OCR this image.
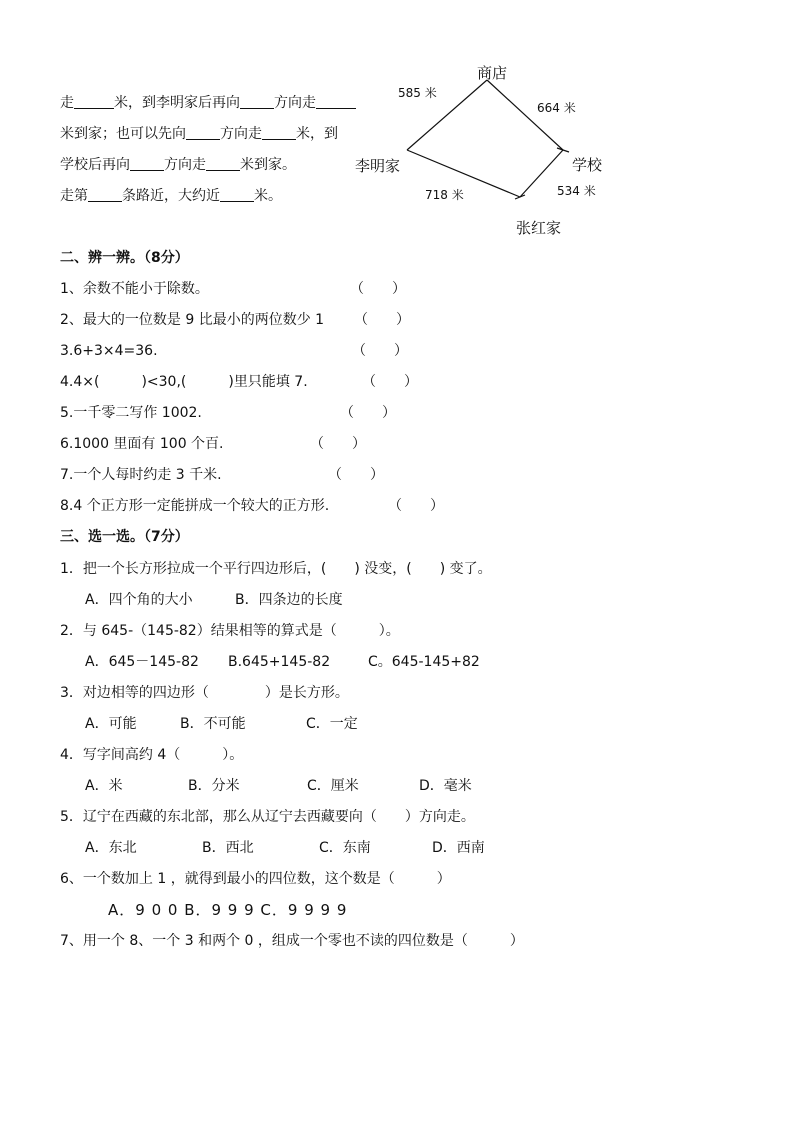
走	米，到李明家后再向 方向走
米到家；也可以先向 方向走 米，到
学校后再向 方向走 米到家。
走第 条路近，大约近 米。
商店
学校
李明家
张红家
585 米
664 米
718 米	534 米
二、辨一辨。（8分）
1、余数不能小于除数。	（　　）
2、最大的一位数是 9 比最小的两位数少 1 （　　）
3.6+3×4=36.	（　　）
4.4×(　　　)<30,(　　　)里只能填 7.	（　　）
5.一千零二写作 1002.	（　　）
6.1000 里面有 100 个百.	（　　）
7.一个人每时约走 3 千米.	（　　）
8.4 个正方形一定能拼成一个较大的正方形.	（　　）
三、选一选。（7分）
1．把一个长方形拉成一个平行四边形后，(　　) 没变，(　　) 变了。
A．四个角的大小	B．四条边的长度
2．与 645-（145-82）结果相等的算式是（　　　）。
A．645－145-82 B.645+145-82	C。645-145+82
3．对边相等的四边形（　　　　）是长方形。
A．可能	B．不可能	C．一定
4．写字间高约 4（　　　）。
A．米	B．分米	C．厘米	D．毫米
5．辽宁在西藏的东北部，那么从辽宁去西藏要向（　　）方向走。
A．东北	B．西北	C．东南	D．西南
6、一个数加上 1 ，就得到最小的四位数，这个数是（　　　）
A．9 0 0 B．9 9 9 C．9 9 9 9
7、用一个 8、一个 3 和两个 0 ，组成一个零也不读的四位数是（　　　）
